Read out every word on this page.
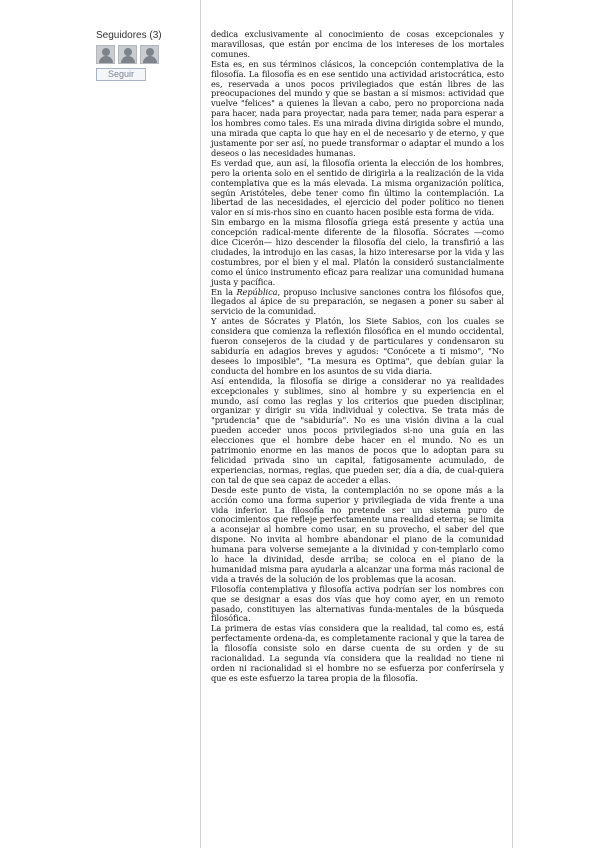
Seguidores (3)
Seguir

dedica exclusivamente al conocimiento de cosas excepcionales y maravillosas, que están por encima de los intereses de los mortales comunes.

Esta es, en sus términos clásicos, la concepción contemplativa de la filosofía. La filosofía es en ese sentido una actividad aristocrática, esto es, reservada a unos pocos privilegiados que están libres de las preocupaciones del mundo y que se bastan a sí mismos: actividad que vuelve "felices" a quienes la llevan a cabo, pero no proporciona nada para hacer, nada para proyectar, nada para temer, nada para esperar a los hombres como tales. Es una mirada divina dirigida sobre el mundo, una mirada que capta lo que hay en el de necesario y de eterno, y que justamente por ser así, no puede transformar o adaptar el mundo a los deseos o las necesidades humanas.

Es verdad que, aun así, la filosofía orienta la elección de los hombres, pero la orienta solo en el sentido de dirigirla a la realización de la vida contemplativa que es la más elevada. La misma organización política, según Aristóteles, debe tener como fin último la contemplación. La libertad de las necesidades, el ejercicio del poder político no tienen valor en sí mis-rhos sino en cuanto hacen posible esta forma de vida.

Sin embargo en la misma filosofía griega está presente y actúa una concepción radical-mente diferente de la filosofía. Sócrates —como dice Cicerón— hizo descender la filosofía del cielo, la transfirió a las ciudades, la introdujo en las casas, la hizo interesarse por la vida y las costumbres, por el bien y el mal. Platón la consideró sustancialmente como el único instrumento eficaz para realizar una comunidad humana justa y pacífica.

En la República, propuso inclusive sanciones contra los filósofos que, llegados al ápice de su preparación, se negasen a poner su saber al servicio de la comunidad.

Y antes de Sócrates y Platón, los Siete Sabios, con los cuales se considera que comienza la reflexión filosófica en el mundo occidental, fueron consejeros de la ciudad y de particulares y condensaron su sabiduría en adagios breves y agudos: "Conócete a ti mismo", "No desees lo imposible", "La mesura es Optima", que debían guiar la conducta del hombre en los asuntos de su vida diaria.

Así entendida, la filosofía se dirige a considerar no ya realidades excepcionales y sublimes, sino al hombre y su experiencia en el mundo, así como las reglas y los criterios que pueden disciplinar, organizar y dirigir su vida individual y colectiva. Se trata más de "prudencia" que de "sabiduría". No es una visión divina a la cual pueden acceder unos pocos privilegiados si-no una guía en las elecciones que el hombre debe hacer en el mundo. No es un patrimonio enorme en las manos de pocos que lo adoptan para su felicidad privada sino un capital, fatigosamente acumulado, de experiencias, normas, reglas, que pueden ser, día a día, de cual-quiera con tal de que sea capaz de acceder a ellas.

Desde este punto de vista, la contemplación no se opone más a la acción como una forma superior y privilegiada de vida frente a una vida inferior. La filosofía no pretende ser un sistema puro de conocimientos que refleje perfectamente una realidad eterna; se limita a aconsejar al hombre como usar, en su provecho, el saber del que dispone. No invita al hombre abandonar el piano de la comunidad humana para volverse semejante a la divinidad y con-templarlo como lo hace la divinidad, desde arriba; se coloca en el piano de la humanidad misma para ayudarla a alcanzar una forma más racional de vida a través de la solución de los problemas que la acosan.

Filosofía contemplativa y filosofía activa podrían ser los nombres con que se designar a esas dos vías que hoy como ayer, en un remoto pasado, constituyen las alternativas funda-mentales de la búsqueda filosófica.

La primera de estas vías considera que la realidad, tal como es, está perfectamente ordena-da, es completamente racional y que la tarea de la filosofía consiste solo en darse cuenta de su orden y de su racionalidad. La segunda vía considera que la realidad no tiene ni orden ni racionalidad si el hombre no se esfuerza por conferírsela y que es este esfuerzo la tarea propia de la filosofía.
